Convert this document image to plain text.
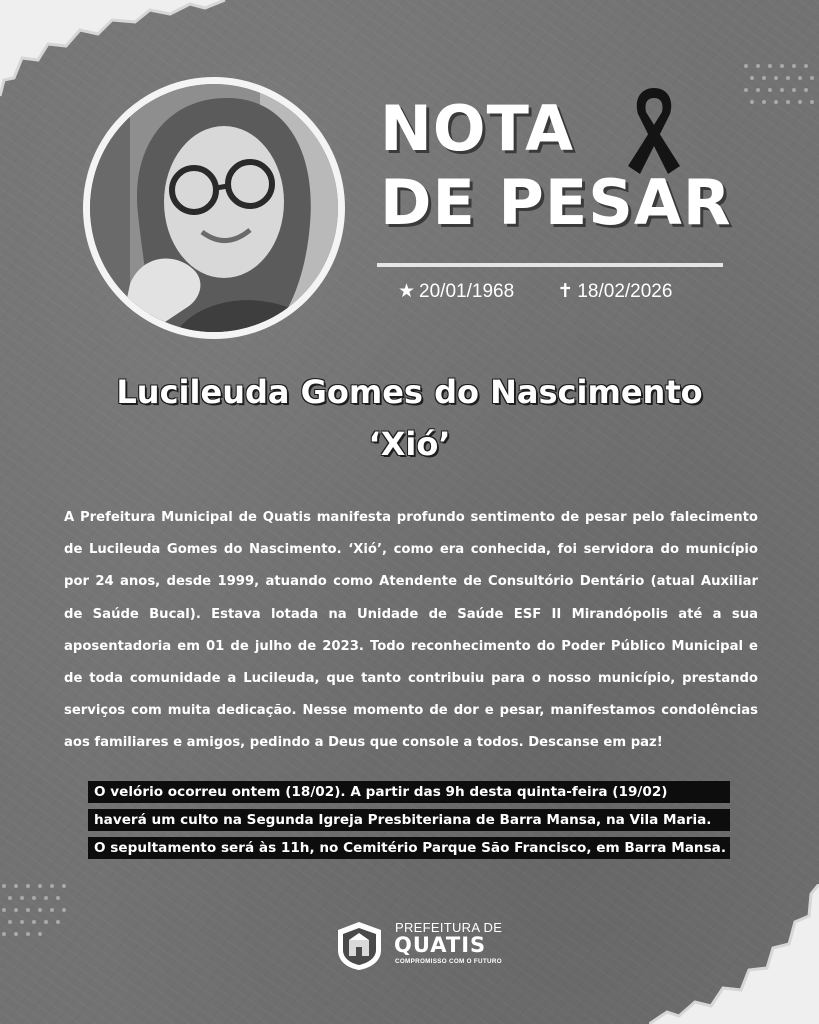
NOTA
DE PESAR
★ 20/01/1968 ✝ 18/02/2026
Lucileuda Gomes do Nascimento
‘Xió’
A Prefeitura Municipal de Quatis manifesta profundo sentimento de pesar pelo falecimento de Lucileuda Gomes do Nascimento. ‘Xió’, como era conhecida, foi servidora do município por 24 anos, desde 1999, atuando como Atendente de Consultório Dentário (atual Auxiliar de Saúde Bucal). Estava lotada na Unidade de Saúde ESF II Mirandópolis até a sua aposentadoria em 01 de julho de 2023. Todo reconhecimento do Poder Público Municipal e de toda comunidade a Lucileuda, que tanto contribuiu para o nosso município, prestando serviços com muita dedicação. Nesse momento de dor e pesar, manifestamos condolências aos familiares e amigos, pedindo a Deus que console a todos. Descanse em paz!
O velório ocorreu ontem (18/02). A partir das 9h desta quinta-feira (19/02)
haverá um culto na Segunda Igreja Presbiteriana de Barra Mansa, na Vila Maria.
O sepultamento será às 11h, no Cemitério Parque São Francisco, em Barra Mansa.
PREFEITURA DE
QUATIS
COMPROMISSO COM O FUTURO
